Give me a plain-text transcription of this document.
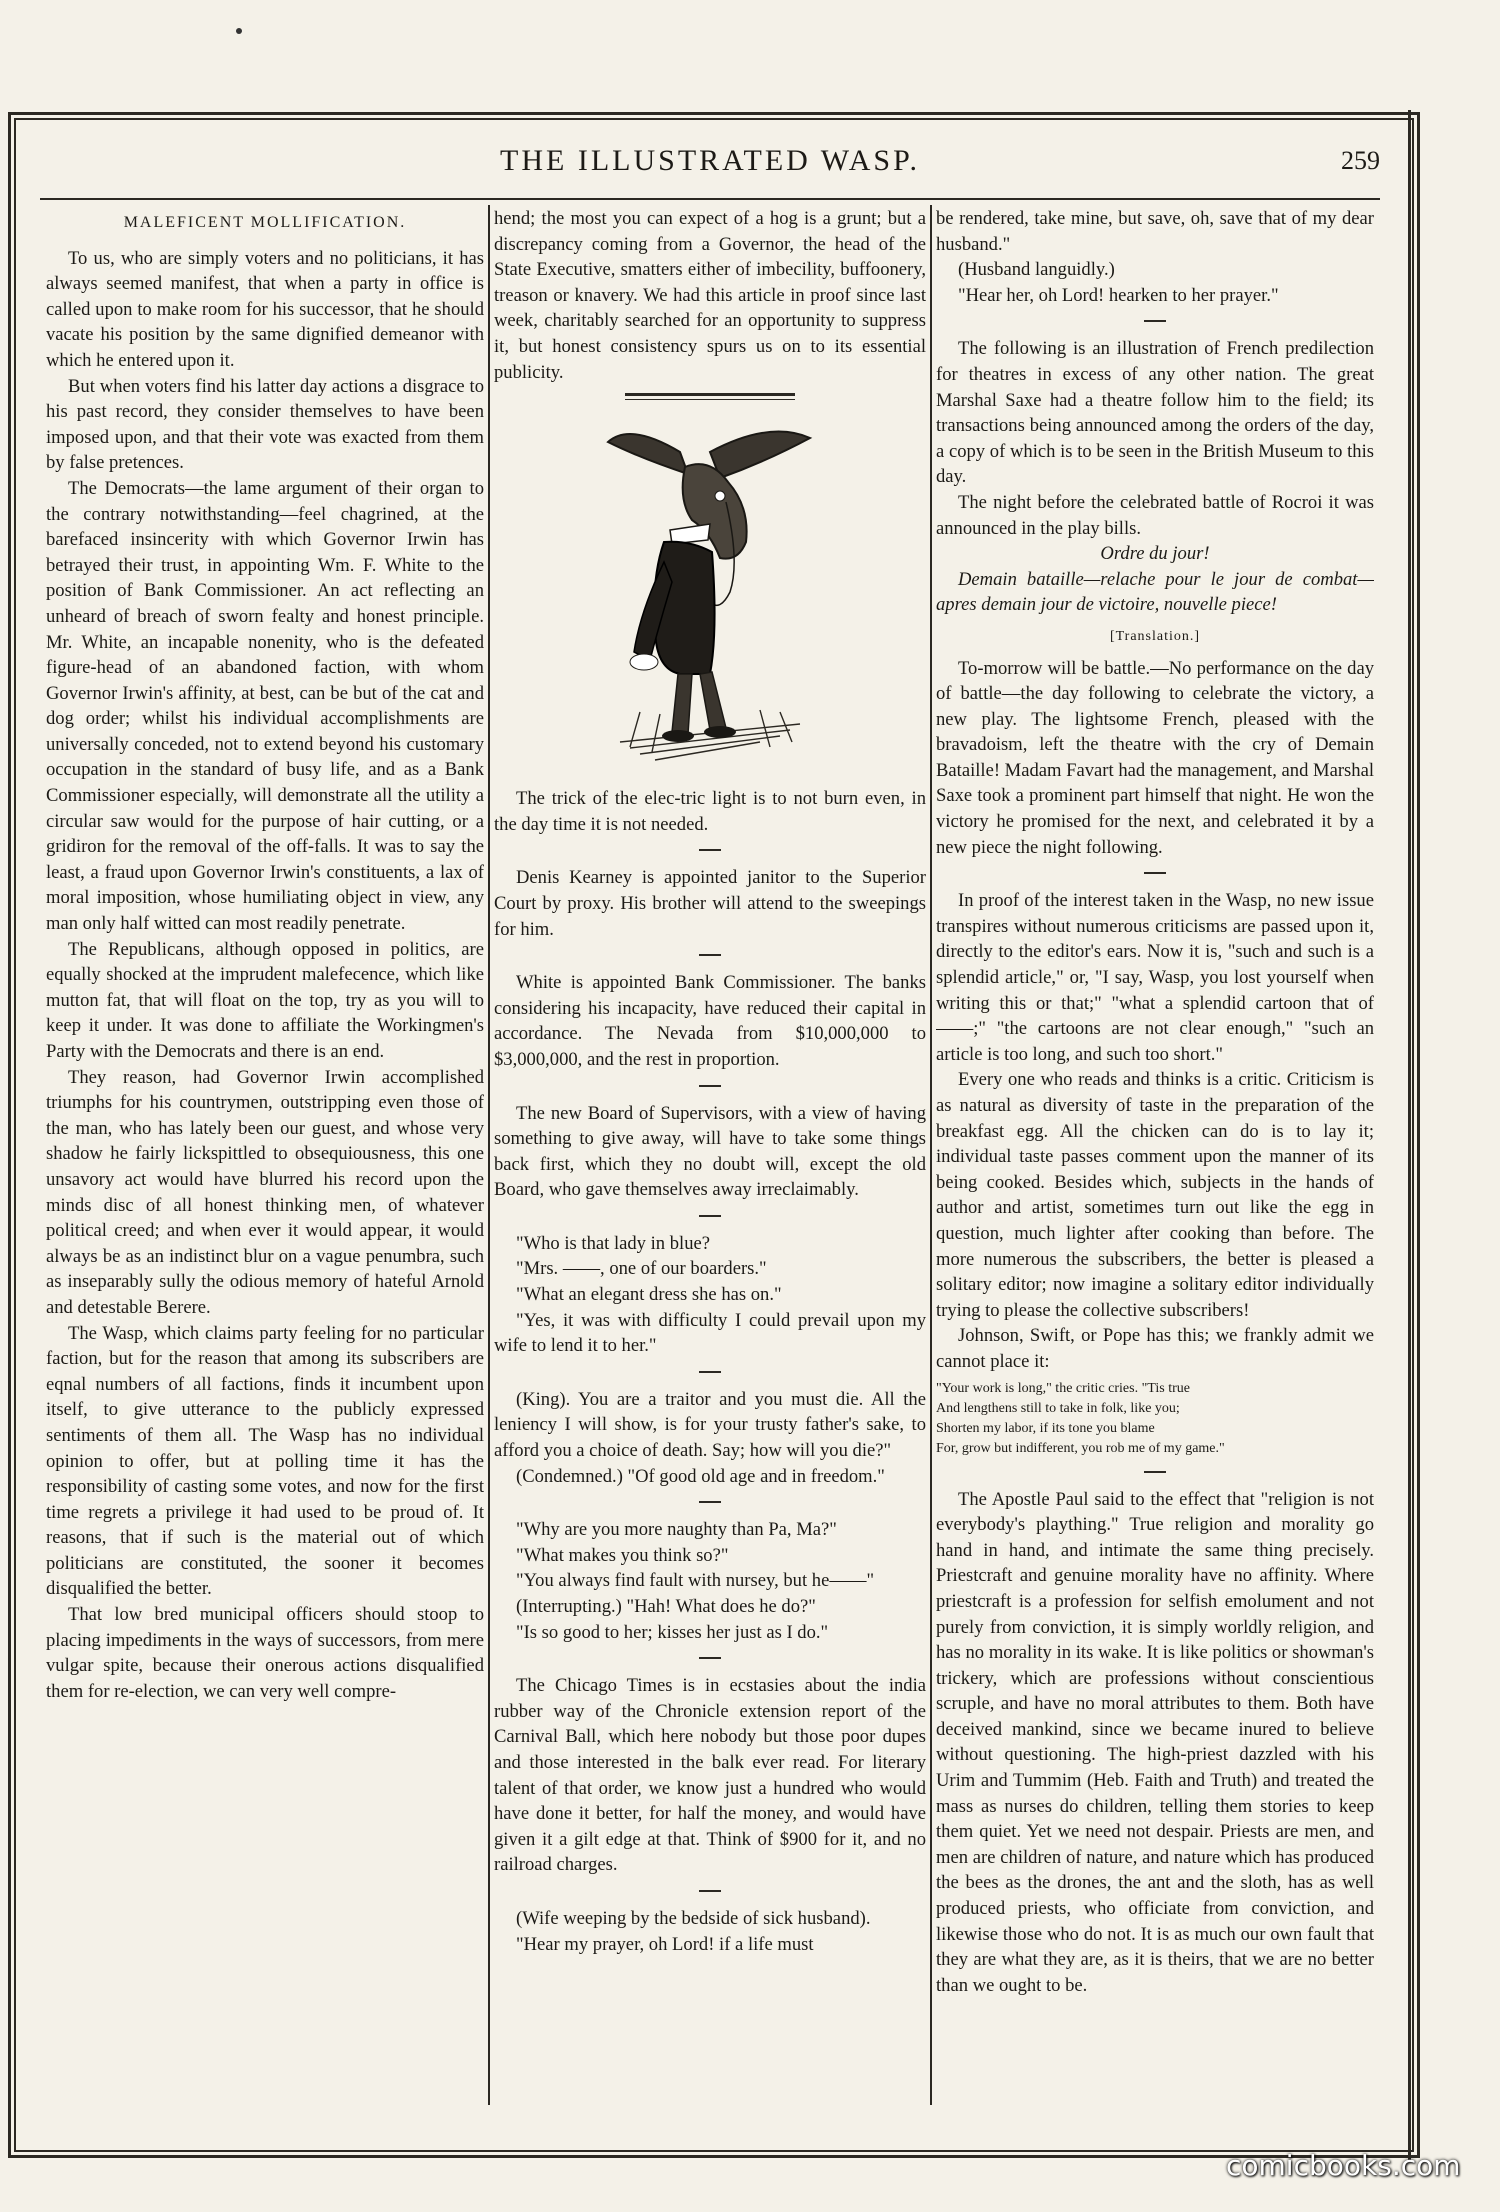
THE ILLUSTRATED WASP.	259
MALEFICENT MOLLIFICATION.

To us, who are simply voters and no politicians, it has always seemed manifest, that when a party in office is called upon to make room for his successor, that he should vacate his position by the same dignified demeanor with which he entered upon it.

But when voters find his latter day actions a disgrace to his past record, they consider themselves to have been imposed upon, and that their vote was exacted from them by false pretences.

The Democrats—the lame argument of their organ to the contrary notwithstanding—feel chagrined, at the barefaced insincerity with which Governor Irwin has betrayed their trust, in appointing Wm. F. White to the position of Bank Commissioner. An act reflecting an unheard of breach of sworn fealty and honest principle. Mr. White, an incapable nonenity, who is the defeated figure-head of an abandoned faction, with whom Governor Irwin's affinity, at best, can be but of the cat and dog order; whilst his individual accomplishments are universally conceded, not to extend beyond his customary occupation in the standard of busy life, and as a Bank Commissioner especially, will demonstrate all the utility a circular saw would for the purpose of hair cutting, or a gridiron for the removal of the off-falls. It was to say the least, a fraud upon Governor Irwin's constituents, a lax of moral imposition, whose humiliating object in view, any man only half witted can most readily penetrate.

The Republicans, although opposed in politics, are equally shocked at the imprudent malefecence, which like mutton fat, that will float on the top, try as you will to keep it under. It was done to affiliate the Workingmen's Party with the Democrats and there is an end.

They reason, had Governor Irwin accomplished triumphs for his countrymen, outstripping even those of the man, who has lately been our guest, and whose very shadow he fairly lickspittled to obsequiousness, this one unsavory act would have blurred his record upon the minds disc of all honest thinking men, of whatever political creed; and when ever it would appear, it would always be as an indistinct blur on a vague penumbra, such as inseparably sully the odious memory of hateful Arnold and detestable Berere.

The Wasp, which claims party feeling for no particular faction, but for the reason that among its subscribers are eqnal numbers of all factions, finds it incumbent upon itself, to give utterance to the publicly expressed sentiments of them all. The Wasp has no individual opinion to offer, but at polling time it has the responsibility of casting some votes, and now for the first time regrets a privilege it had used to be proud of. It reasons, that if such is the material out of which politicians are constituted, the sooner it becomes disqualified the better.

That low bred municipal officers should stoop to placing impediments in the ways of successors, from mere vulgar spite, because their onerous actions disqualified them for re-election, we can very well compre-

hend; the most you can expect of a hog is a grunt; but a discrepancy coming from a Governor, the head of the State Executive, smatters either of imbecility, buffoonery, treason or knavery. We had this article in proof since last week, charitably searched for an opportunity to suppress it, but honest consistency spurs us on to its essential publicity.

The trick of the elec-tric light is to not burn even, in the day time it is not needed.

Denis Kearney is appointed janitor to the Superior Court by proxy. His brother will attend to the sweepings for him.

White is appointed Bank Commissioner. The banks considering his incapacity, have reduced their capital in accordance. The Nevada from $10,000,000 to $3,000,000, and the rest in proportion.

The new Board of Supervisors, with a view of having something to give away, will have to take some things back first, which they no doubt will, except the old Board, who gave themselves away irreclaimably.

"Who is that lady in blue?

"Mrs. ——, one of our boarders."

"What an elegant dress she has on."

"Yes, it was with difficulty I could prevail upon my wife to lend it to her."

(King). You are a traitor and you must die. All the leniency I will show, is for your trusty father's sake, to afford you a choice of death. Say; how will you die?"

(Condemned.) "Of good old age and in freedom."

"Why are you more naughty than Pa, Ma?"

"What makes you think so?"

"You always find fault with nursey, but he——"

(Interrupting.) "Hah! What does he do?"

"Is so good to her; kisses her just as I do."

The Chicago Times is in ecstasies about the india rubber way of the Chronicle extension report of the Carnival Ball, which here nobody but those poor dupes and those interested in the balk ever read. For literary talent of that order, we know just a hundred who would have done it better, for half the money, and would have given it a gilt edge at that. Think of $900 for it, and no railroad charges.

(Wife weeping by the bedside of sick husband).

"Hear my prayer, oh Lord! if a life must

be rendered, take mine, but save, oh, save that of my dear husband."

(Husband languidly.)

"Hear her, oh Lord! hearken to her prayer."

The following is an illustration of French predilection for theatres in excess of any other nation. The great Marshal Saxe had a theatre follow him to the field; its transactions being announced among the orders of the day, a copy of which is to be seen in the British Museum to this day.

The night before the celebrated battle of Rocroi it was announced in the play bills.

Ordre du jour!

Demain bataille—relache pour le jour de combat—apres demain jour de victoire, nouvelle piece!

[Translation.]

To-morrow will be battle.—No performance on the day of battle—the day following to celebrate the victory, a new play. The lightsome French, pleased with the bravadoism, left the theatre with the cry of Demain Bataille! Madam Favart had the management, and Marshal Saxe took a prominent part himself that night. He won the victory he promised for the next, and celebrated it by a new piece the night following.

In proof of the interest taken in the Wasp, no new issue transpires without numerous criticisms are passed upon it, directly to the editor's ears. Now it is, "such and such is a splendid article," or, "I say, Wasp, you lost yourself when writing this or that;" "what a splendid cartoon that of——;" "the cartoons are not clear enough," "such an article is too long, and such too short."

Every one who reads and thinks is a critic. Criticism is as natural as diversity of taste in the preparation of the breakfast egg. All the chicken can do is to lay it; individual taste passes comment upon the manner of its being cooked. Besides which, subjects in the hands of author and artist, sometimes turn out like the egg in question, much lighter after cooking than before. The more numerous the subscribers, the better is pleased a solitary editor; now imagine a solitary editor individually trying to please the collective subscribers!

Johnson, Swift, or Pope has this; we frankly admit we cannot place it:

"Your work is long," the critic cries. "Tis true
And lengthens still to take in folk, like you;
Shorten my labor, if its tone you blame
For, grow but indifferent, you rob me of my game."

The Apostle Paul said to the effect that "religion is not everybody's plaything." True religion and morality go hand in hand, and intimate the same thing precisely. Priestcraft and genuine morality have no affinity. Where priestcraft is a profession for selfish emolument and not purely from conviction, it is simply worldly religion, and has no morality in its wake. It is like politics or showman's trickery, which are professions without conscientious scruple, and have no moral attributes to them. Both have deceived mankind, since we became inured to believe without questioning. The high-priest dazzled with his Urim and Tummim (Heb. Faith and Truth) and treated the mass as nurses do children, telling them stories to keep them quiet. Yet we need not despair. Priests are men, and men are children of nature, and nature which has produced the bees as the drones, the ant and the sloth, has as well produced priests, who officiate from conviction, and likewise those who do not. It is as much our own fault that they are what they are, as it is theirs, that we are no better than we ought to be.

comicbooks.com
